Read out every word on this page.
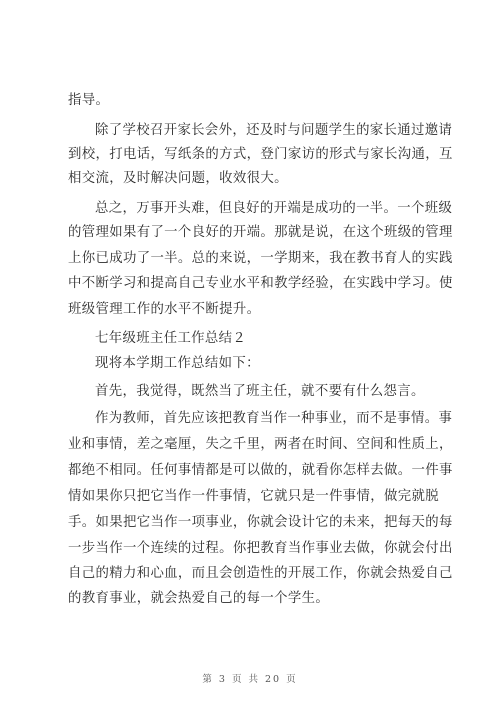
指导。
除了学校召开家长会外，还及时与问题学生的家长通过邀请
到校，打电话，写纸条的方式，登门家访的形式与家长沟通，互
相交流，及时解决问题，收效很大。
总之，万事开头难，但良好的开端是成功的一半。一个班级
的管理如果有了一个良好的开端。那就是说，在这个班级的管理
上你已成功了一半。总的来说，一学期来，我在教书育人的实践
中不断学习和提高自己专业水平和教学经验，在实践中学习。使
班级管理工作的水平不断提升。
七年级班主任工作总结２
现将本学期工作总结如下：
首先，我觉得，既然当了班主任，就不要有什么怨言。
作为教师，首先应该把教育当作一种事业，而不是事情。事
业和事情，差之毫厘，失之千里，两者在时间、空间和性质上，
都绝不相同。任何事情都是可以做的，就看你怎样去做。一件事
情如果你只把它当作一件事情，它就只是一件事情，做完就脱
手。如果把它当作一项事业，你就会设计它的未来，把每天的每
一步当作一个连续的过程。你把教育当作事业去做，你就会付出
自己的精力和心血，而且会创造性的开展工作，你就会热爱自己
的教育事业，就会热爱自己的每一个学生。
第 3 页 共 20 页
